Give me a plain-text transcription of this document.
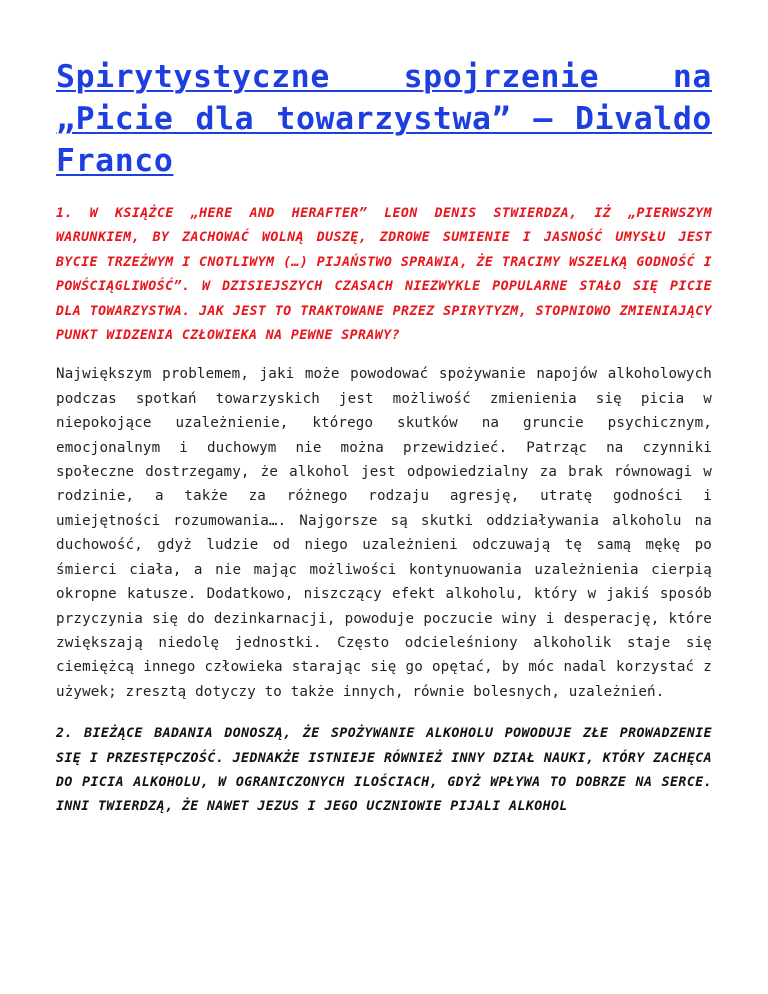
Spirytystyczne spojrzenie na „Picie dla towarzystwa” – Divaldo Franco

1. W KSIĄŻCE „HERE AND HERAFTER” LEON DENIS STWIERDZA, IŻ „PIERWSZYM WARUNKIEM, BY ZACHOWAĆ WOLNĄ DUSZĘ, ZDROWE SUMIENIE I JASNOŚĆ UMYSŁU JEST BYCIE TRZEŹWYM I CNOTLIWYM (…) PIJAŃSTWO SPRAWIA, ŻE TRACIMY WSZELKĄ GODNOŚĆ I POWŚCIĄGLIWOŚĆ”. W DZISIEJSZYCH CZASACH NIEZWYKLE POPULARNE STAŁO SIĘ PICIE DLA TOWARZYSTWA. JAK JEST TO TRAKTOWANE PRZEZ SPIRYTYZM, STOPNIOWO ZMIENIAJĄCY PUNKT WIDZENIA CZŁOWIEKA NA PEWNE SPRAWY?

Największym problemem, jaki może powodować spożywanie napojów alkoholowych podczas spotkań towarzyskich jest możliwość zmienienia się picia w niepokojące uzależnienie, którego skutków na gruncie psychicznym, emocjonalnym i duchowym nie można przewidzieć. Patrząc na czynniki społeczne dostrzegamy, że alkohol jest odpowiedzialny za brak równowagi w rodzinie, a także za różnego rodzaju agresję, utratę godności i umiejętności rozumowania…. Najgorsze są skutki oddziaływania alkoholu na duchowość, gdyż ludzie od niego uzależnieni odczuwają tę samą mękę po śmierci ciała, a nie mając możliwości kontynuowania uzależnienia cierpią okropne katusze. Dodatkowo, niszczący efekt alkoholu, który w jakiś sposób przyczynia się do dezinkarnacji, powoduje poczucie winy i desperację, które zwiększają niedolę jednostki. Często odcieleśniony alkoholik staje się ciemiężcą innego człowieka starając się go opętać, by móc nadal korzystać z używek; zresztą dotyczy to także innych, równie bolesnych, uzależnień.

2. BIEŻĄCE BADANIA DONOSZĄ, ŻE SPOŻYWANIE ALKOHOLU POWODUJE ZŁE PROWADZENIE SIĘ I PRZESTĘPCZOŚĆ. JEDNAKŻE ISTNIEJE RÓWNIEŻ INNY DZIAŁ NAUKI, KTÓRY ZACHĘCA DO PICIA ALKOHOLU, W OGRANICZONYCH ILOŚCIACH, GDYŻ WPŁYWA TO DOBRZE NA SERCE. INNI TWIERDZĄ, ŻE NAWET JEZUS I JEGO UCZNIOWIE PIJALI ALKOHOL
